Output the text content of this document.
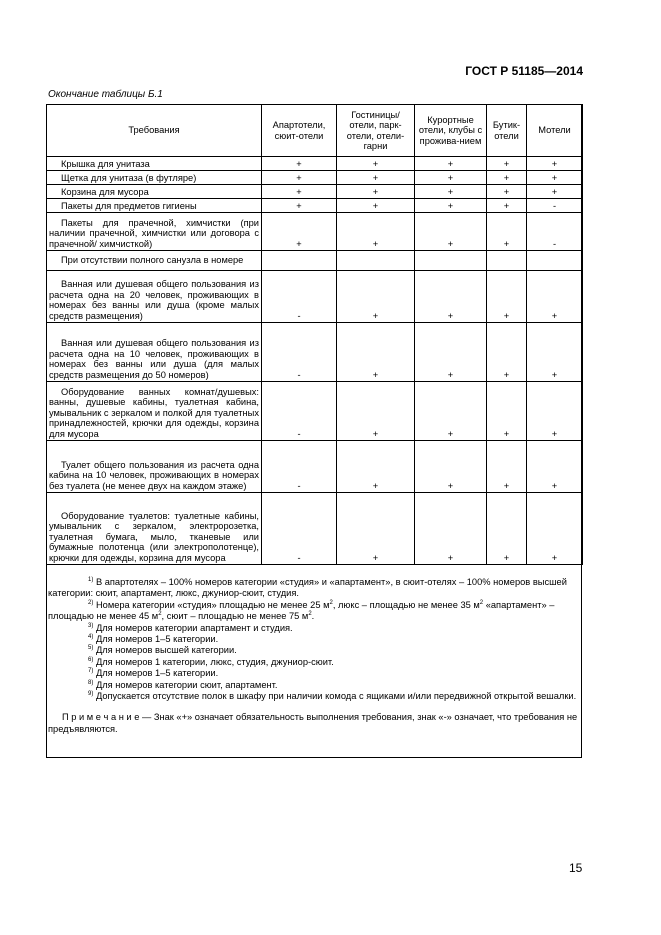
ГОСТ Р 51185—2014
Окончание таблицы Б.1
Требования	Апартотели, сюит-отели	Гостиницы/ отели, парк-отели, отели-гарни	Курортные отели, клубы с прожива-нием	Бутик-отели	Мотели
Крышка для унитаза	+	+	+	+	+
Щетка для унитаза (в футляре)	+	+	+	+	+
Корзина для мусора	+	+	+	+	+
Пакеты для предметов гигиены	+	+	+	+	-
Пакеты для прачечной, химчистки (при наличии прачечной, химчистки или договора с прачечной/ химчисткой)	+	+	+	+	-
При отсутствии полного санузла в номере					
Ванная или душевая общего пользования из расчета одна на 20 человек, проживающих в номерах без ванны или душа (кроме малых средств размещения)	-	+	+	+	+
Ванная или душевая общего пользования из расчета одна на 10 человек, проживающих в номерах без ванны или душа (для малых средств размещения до 50 номеров)	-	+	+	+	+
Оборудование ванных комнат/душевых: ванны, душевые кабины, туалетная кабина, умывальник с зеркалом и полкой для туалетных принадлежностей, крючки для одежды, корзина для мусора	-	+	+	+	+
Туалет общего пользования из расчета одна кабина на 10 человек, проживающих в номерах без туалета (не менее двух на каждом этаже)	-	+	+	+	+
Оборудование туалетов: туалетные кабины, умывальник с зеркалом, электророзетка, туалетная бумага, мыло, тканевые или бумажные полотенца (или электрополотенце), крючки для одежды, корзина для мусора	-	+	+	+	+

$^{1)}$ В апартотелях – 100% номеров категории «студия» и «апартамент», в сюит-отелях – 100% номеров высшей категории: сюит, апартамент, люкс, джуниор-сюит, студия.

$^{2)}$ Номера категории «студия» площадью не менее 25 $м^2$, люкс – площадью не менее 35 $м^2$ «апартамент» – площадью не менее 45 $м^2$, сюит – площадью не менее 75 $м^2$.

$^{3)}$ Для номеров категории апартамент и студия.

$^{4)}$ Для номеров 1–5 категории.

$^{5)}$ Для номеров высшей категории.

$^{6)}$ Для номеров 1 категории, люкс, студия, джуниор-сюит.

$^{7)}$ Для номеров 1–5 категории.

$^{8)}$ Для номеров категории сюит, апартамент.

$^{9)}$ Допускается отсутствие полок в шкафу при наличии комода с ящиками и/или передвижной открытой вешалки.

П р и м е ч а н и е — Знак «+» означает обязательность выполнения требования, знак «-» означает, что требования не предъявляются.

15
